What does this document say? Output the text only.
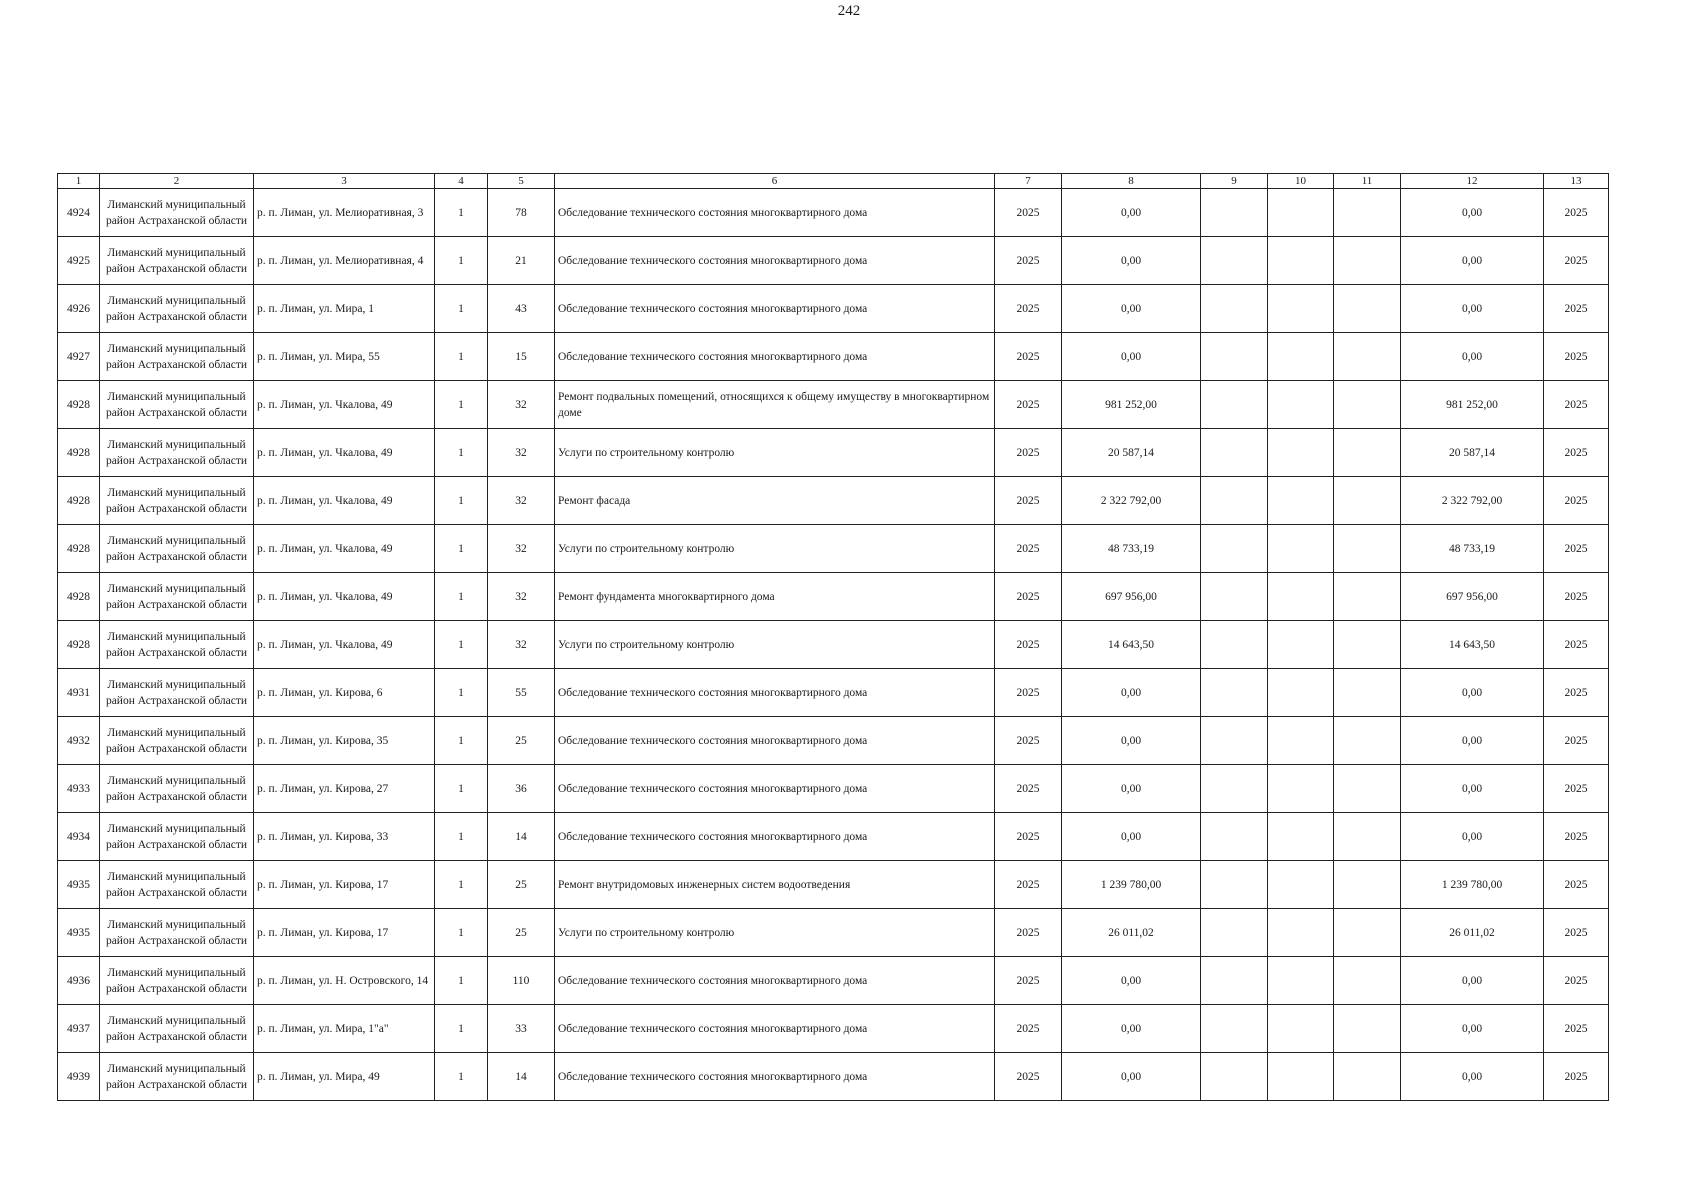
242
1	2	3	4	5	6	7	8	9	10	11	12	13
4924	Лиманский муниципальный район Астраханской области	р. п. Лиман, ул. Мелиоративная, 3	1	78	Обследование технического состояния многоквартирного дома	2025	0,00				0,00	2025
4925	Лиманский муниципальный район Астраханской области	р. п. Лиман, ул. Мелиоративная, 4	1	21	Обследование технического состояния многоквартирного дома	2025	0,00				0,00	2025
4926	Лиманский муниципальный район Астраханской области	р. п. Лиман, ул. Мира, 1	1	43	Обследование технического состояния многоквартирного дома	2025	0,00				0,00	2025
4927	Лиманский муниципальный район Астраханской области	р. п. Лиман, ул. Мира, 55	1	15	Обследование технического состояния многоквартирного дома	2025	0,00				0,00	2025
4928	Лиманский муниципальный район Астраханской области	р. п. Лиман, ул. Чкалова, 49	1	32	Ремонт подвальных помещений, относящихся к общему имуществу в многоквартирном доме	2025	981 252,00				981 252,00	2025
4928	Лиманский муниципальный район Астраханской области	р. п. Лиман, ул. Чкалова, 49	1	32	Услуги по строительному контролю	2025	20 587,14				20 587,14	2025
4928	Лиманский муниципальный район Астраханской области	р. п. Лиман, ул. Чкалова, 49	1	32	Ремонт фасада	2025	2 322 792,00				2 322 792,00	2025
4928	Лиманский муниципальный район Астраханской области	р. п. Лиман, ул. Чкалова, 49	1	32	Услуги по строительному контролю	2025	48 733,19				48 733,19	2025
4928	Лиманский муниципальный район Астраханской области	р. п. Лиман, ул. Чкалова, 49	1	32	Ремонт фундамента многоквартирного дома	2025	697 956,00				697 956,00	2025
4928	Лиманский муниципальный район Астраханской области	р. п. Лиман, ул. Чкалова, 49	1	32	Услуги по строительному контролю	2025	14 643,50				14 643,50	2025
4931	Лиманский муниципальный район Астраханской области	р. п. Лиман, ул. Кирова, 6	1	55	Обследование технического состояния многоквартирного дома	2025	0,00				0,00	2025
4932	Лиманский муниципальный район Астраханской области	р. п. Лиман, ул. Кирова, 35	1	25	Обследование технического состояния многоквартирного дома	2025	0,00				0,00	2025
4933	Лиманский муниципальный район Астраханской области	р. п. Лиман, ул. Кирова, 27	1	36	Обследование технического состояния многоквартирного дома	2025	0,00				0,00	2025
4934	Лиманский муниципальный район Астраханской области	р. п. Лиман, ул. Кирова, 33	1	14	Обследование технического состояния многоквартирного дома	2025	0,00				0,00	2025
4935	Лиманский муниципальный район Астраханской области	р. п. Лиман, ул. Кирова, 17	1	25	Ремонт внутридомовых инженерных систем водоотведения	2025	1 239 780,00				1 239 780,00	2025
4935	Лиманский муниципальный район Астраханской области	р. п. Лиман, ул. Кирова, 17	1	25	Услуги по строительному контролю	2025	26 011,02				26 011,02	2025
4936	Лиманский муниципальный район Астраханской области	р. п. Лиман, ул. Н. Островского, 14	1	110	Обследование технического состояния многоквартирного дома	2025	0,00				0,00	2025
4937	Лиманский муниципальный район Астраханской области	р. п. Лиман, ул. Мира, 1"а"	1	33	Обследование технического состояния многоквартирного дома	2025	0,00				0,00	2025
4939	Лиманский муниципальный район Астраханской области	р. п. Лиман, ул. Мира, 49	1	14	Обследование технического состояния многоквартирного дома	2025	0,00				0,00	2025
